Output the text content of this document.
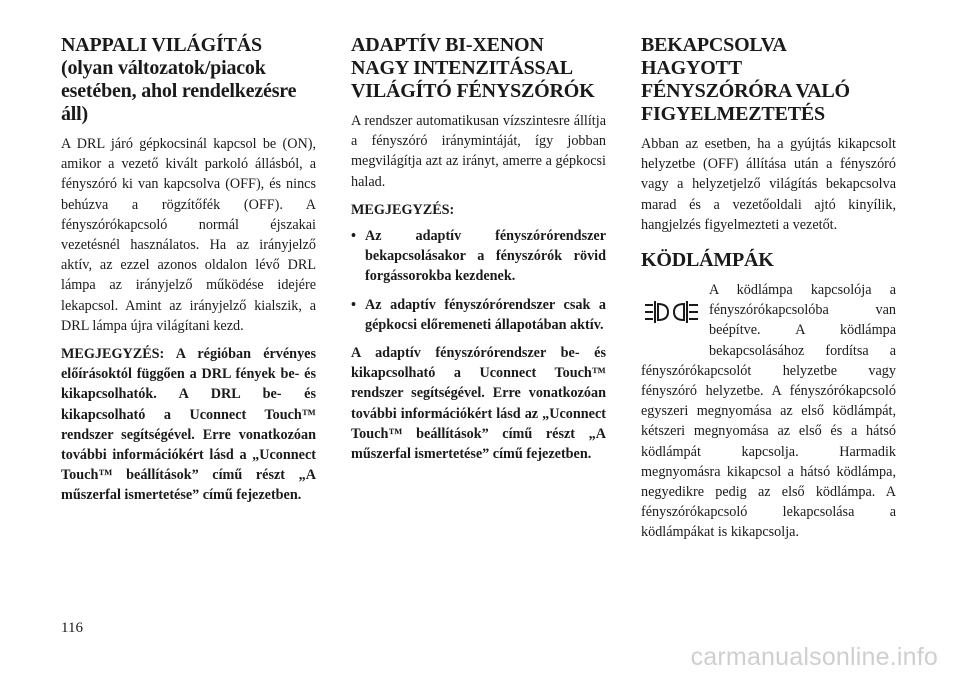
NAPPALI VILÁGÍTÁS
(olyan változatok/piacok
esetében, ahol rendelkezésre áll)

A DRL járó gépkocsinál kapcsol be (ON), amikor a vezető kivált parkoló állásból, a fényszóró ki van kapcsolva (OFF), és nincs behúzva a rögzítőfék (OFF). A fényszórókapcsoló normál éjszakai vezetésnél használatos. Ha az irányjelző aktív, az ezzel azonos oldalon lévő DRL lámpa az irányjelző működése idejére lekapcsol. Amint az irányjelző kialszik, a DRL lámpa újra világítani kezd.

MEGJEGYZÉS: A régióban érvényes előírásoktól függően a DRL fények be- és kikapcsolhatók. A DRL be- és kikapcsolható a Uconnect Touch™ rendszer segítségével. Erre vonatkozóan további információkért lásd a „Uconnect Touch™ beállítások” című részt „A műszerfal ismertetése” című fejezetben.

ADAPTÍV BI-XENON
NAGY INTENZITÁSSAL
VILÁGÍTÓ FÉNYSZÓRÓK

A rendszer automatikusan vízszintesre állítja a fényszóró iránymintáját, így jobban megvilágítja azt az irányt, amerre a gépkocsi halad.

MEGJEGYZÉS:

• Az adaptív fényszórórendszer bekapcsolásakor a fényszórók rövid forgássorokba kezdenek.
• Az adaptív fényszórórendszer csak a gépkocsi előremeneti állapotában aktív.

A adaptív fényszórórendszer be- és kikapcsolható a Uconnect Touch™ rendszer segítségével. Erre vonatkozóan további információkért lásd az „Uconnect Touch™ beállítások” című részt „A műszerfal ismertetése” című fejezetben.

BEKAPCSOLVA
HAGYOTT
FÉNYSZÓRÓRA VALÓ
FIGYELMEZTETÉS

Abban az esetben, ha a gyújtás kikapcsolt helyzetbe (OFF) állítása után a fényszóró vagy a helyzetjelző világítás bekapcsolva marad és a vezetőoldali ajtó kinyílik, hangjelzés figyelmezteti a vezetőt.

KÖDLÁMPÁK

A ködlámpa kapcsolója a fényszórókapcsolóba van beépítve. A ködlámpa bekapcsolásához fordítsa a fényszórókapcsolót helyzetbe vagy fényszóró helyzetbe. A fényszórókapcsoló egyszeri megnyomása az első ködlámpát, kétszeri megnyomása az első és a hátsó ködlámpát kapcsolja. Harmadik megnyomásra kikapcsol a hátsó ködlámpa, negyedikre pedig az első ködlámpa. A fényszórókapcsoló lekapcsolása a ködlámpákat is kikapcsolja.

116
carmanualsonline.info
